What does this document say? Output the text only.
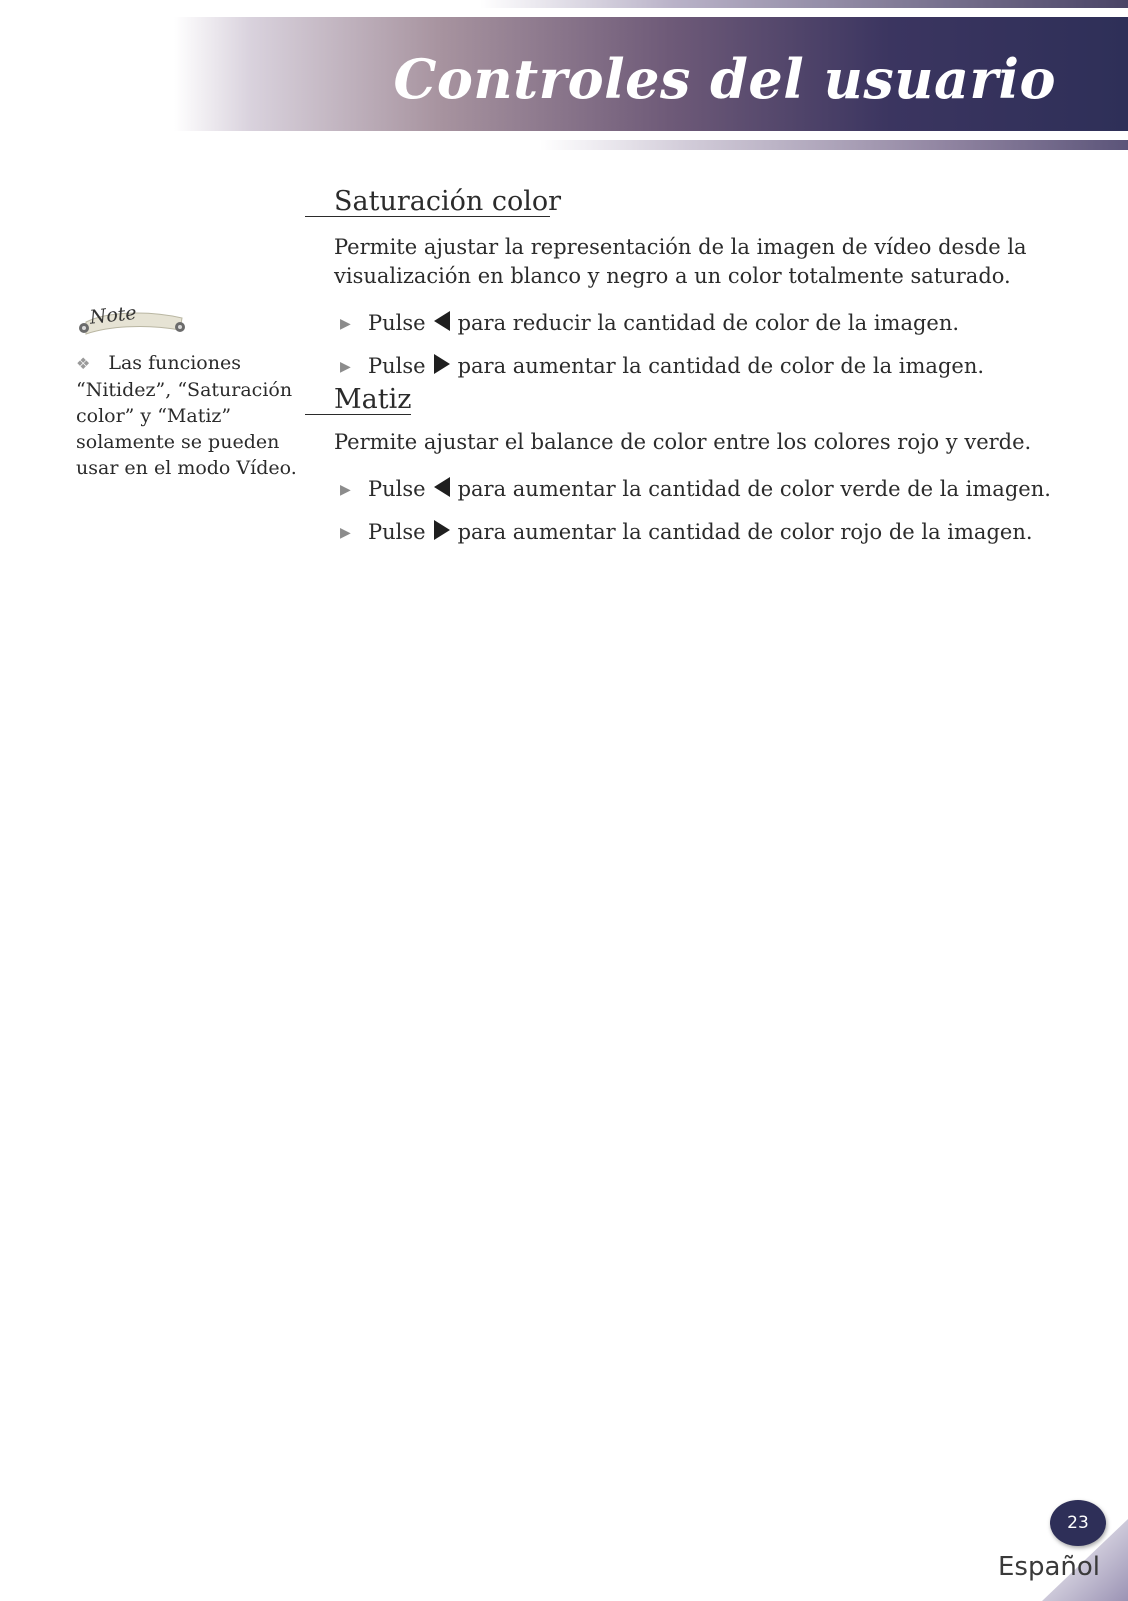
Controles del usuario
Note
❖ Las funciones “Nitidez”, “Saturación color” y “Matiz” solamente se pueden usar en el modo Vídeo.
Saturación color

Permite ajustar la representación de la imagen de vídeo desde la visualización en blanco y negro a un color totalmente saturado.

▶ Pulse para reducir la cantidad de color de la imagen.

▶ Pulse para aumentar la cantidad de color de la imagen.

Matiz

Permite ajustar el balance de color entre los colores rojo y verde.

▶ Pulse para aumentar la cantidad de color verde de la imagen.

▶ Pulse para aumentar la cantidad de color rojo de la imagen.

23

Español
